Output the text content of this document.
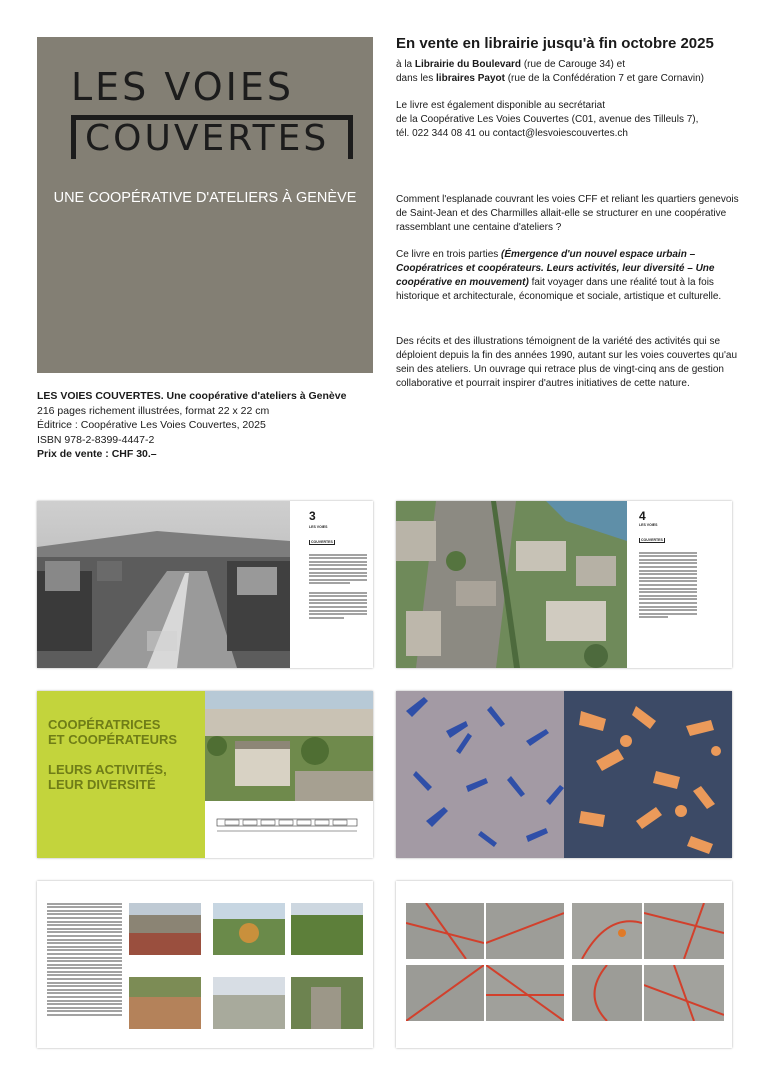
LES VOIES
COUVERTES
UNE COOPÉRATIVE D'ATELIERS À GENÈVE
LES VOIES COUVERTES. Une coopérative d'ateliers à Genève
216 pages richement illustrées, format 22 x 22 cm
Éditrice : Coopérative Les Voies Couvertes, 2025
ISBN 978-2-8399-4447-2
Prix de vente : CHF 30.–
En vente en librairie jusqu'à fin octobre 2025

à la Librairie du Boulevard (rue de Carouge 34) et

dans les libraires Payot (rue de la Confédération 7 et gare Cornavin)

Le livre est également disponible au secrétariat

de la Coopérative Les Voies Couvertes (C01, avenue des Tilleuls 7),

tél. 022 344 08 41 ou contact@lesvoiescouvertes.ch

Comment l'esplanade couvrant les voies CFF et reliant les quartiers genevois de Saint-Jean et des Charmilles allait-elle se structurer en une coopérative rassemblant une centaine d'ateliers ?
Ce livre en trois parties (Émergence d'un nouvel espace urbain – Coopératrices et coopérateurs. Leurs activités, leur diversité – Une coopérative en mouvement) fait voyager dans une réalité tout à la fois historique et architecturale, économique et sociale, artistique et culturelle.
Des récits et des illustrations témoignent de la variété des activités qui se déploient depuis la fin des années 1990, autant sur les voies couvertes qu'au sein des ateliers. Un ouvrage qui retrace plus de vingt-cinq ans de gestion collaborative et pourrait inspirer d'autres initiatives de cette nature.
3
LES VOIES
COUVERTES
4
LES VOIES
COUVERTES
COOPÉRATRICES
ET COOPÉRATEURS
LEURS ACTIVITÉS,
LEUR DIVERSITÉ
